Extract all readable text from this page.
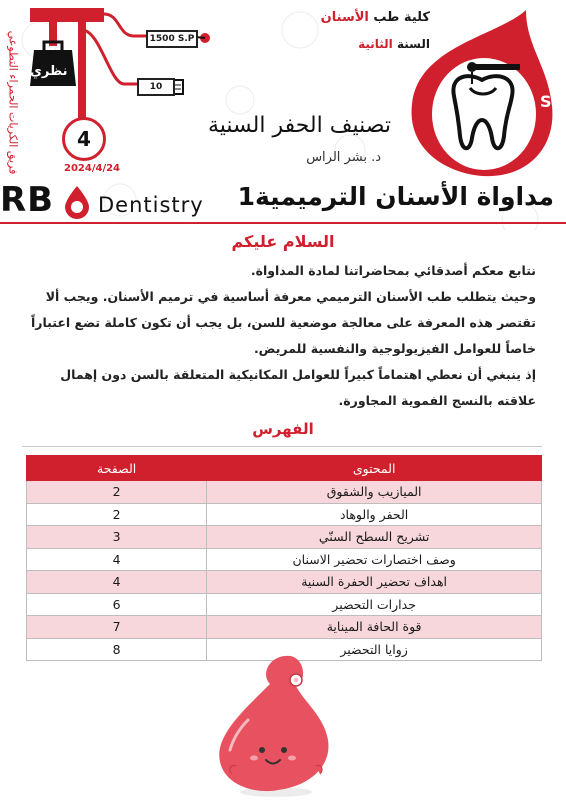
فريق الكريات الحمراء التطوعي	1500 S.P
10
نظري
4
2024/4/24
RB Dentistry
كلية طب الأسنان
السنة الثانية
S
تصنيف الحفر السنية
د. بشر الراس
مداواة الأسنان الترميمية1
السلام عليكم

نتابع معكم أصدقائي بمحاضراتنا لمادة المداواة.

وحيث يتطلب طب الأسنان الترميمي معرفة أساسية في ترميم الأسنان. ويجب ألا تقتصر هذه المعرفة على معالجة موضعية للسن، بل يجب أن تكون كاملة تضع اعتباراً خاصاً للعوامل الفيزيولوجية والنفسية للمريض.

إذ ينبغي أن نعطي اهتماماً كبيراً للعوامل المكانيكية المتعلقة بالسن دون إهمال علاقته بالنسج الفموية المجاورة.

الفهرس
المحتوى	الصفحة
الميازيب والشقوق	2
الحفر والوهاد	2
تشريح السطح السنّي	3
وصف اختصارات تحضير الاسنان	4
اهداف تحضير الحفرة السنية	4
جدارات التحضير	6
قوة الحافة الميناية	7
زوايا التحضير	8
